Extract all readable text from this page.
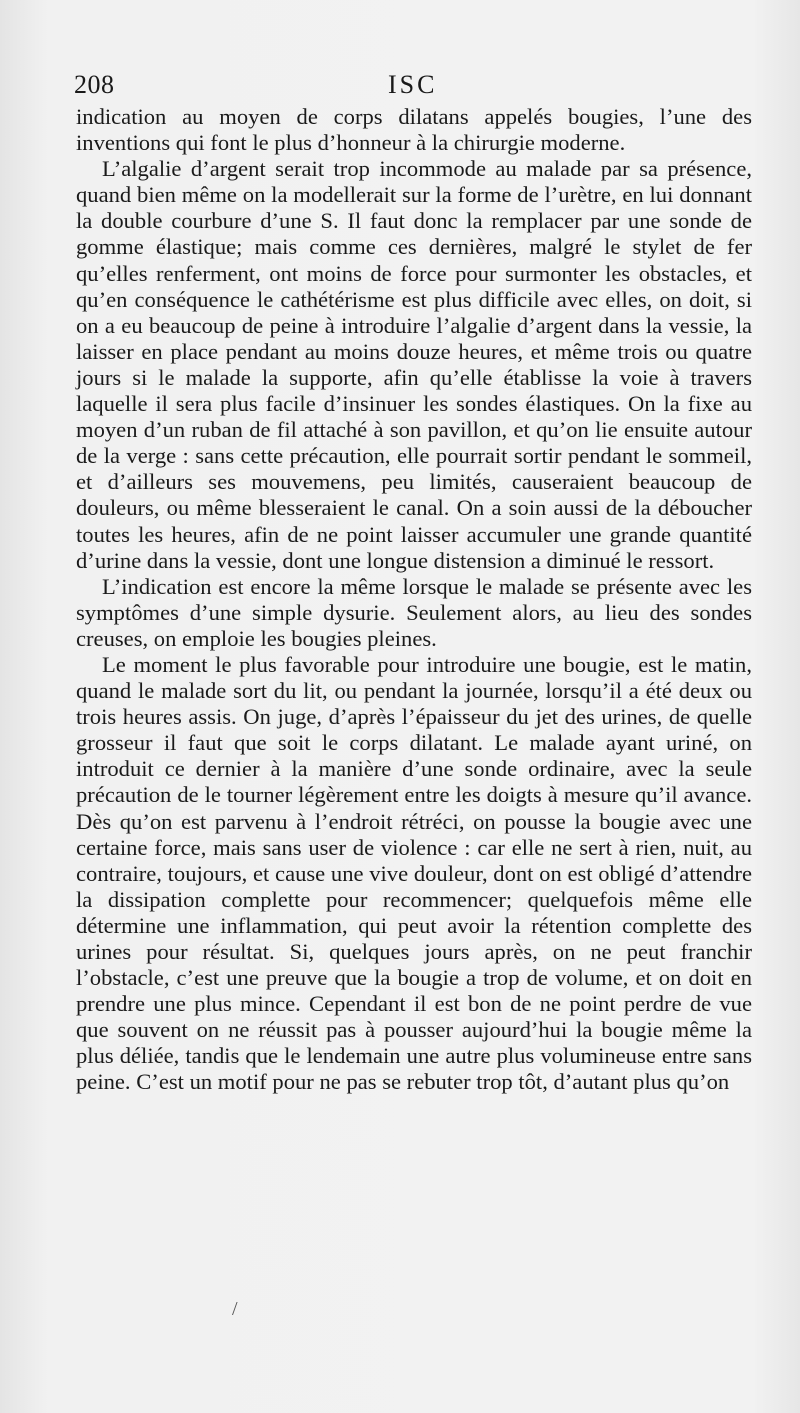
208	ISC

indication au moyen de corps dilatans appelés bougies, l’une des inventions qui font le plus d’honneur à la chirurgie moderne.

L’algalie d’argent serait trop incommode au malade par sa présence, quand bien même on la modellerait sur la forme de l’urètre, en lui donnant la double courbure d’une S. Il faut donc la remplacer par une sonde de gomme élastique; mais comme ces dernières, malgré le stylet de fer qu’elles renferment, ont moins de force pour surmonter les obstacles, et qu’en conséquence le cathétérisme est plus difficile avec elles, on doit, si on a eu beaucoup de peine à introduire l’algalie d’argent dans la vessie, la laisser en place pendant au moins douze heures, et même trois ou quatre jours si le malade la supporte, afin qu’elle établisse la voie à travers laquelle il sera plus facile d’insinuer les sondes élastiques. On la fixe au moyen d’un ruban de fil attaché à son pavillon, et qu’on lie ensuite autour de la verge : sans cette précaution, elle pourrait sortir pendant le sommeil, et d’ailleurs ses mouvemens, peu limités, causeraient beaucoup de douleurs, ou même blesseraient le canal. On a soin aussi de la déboucher toutes les heures, afin de ne point laisser accumuler une grande quantité d’urine dans la vessie, dont une longue distension a diminué le ressort.

L’indication est encore la même lorsque le malade se présente avec les symptômes d’une simple dysurie. Seulement alors, au lieu des sondes creuses, on emploie les bougies pleines.

Le moment le plus favorable pour introduire une bougie, est le matin, quand le malade sort du lit, ou pendant la journée, lorsqu’il a été deux ou trois heures assis. On juge, d’après l’épaisseur du jet des urines, de quelle grosseur il faut que soit le corps dilatant. Le malade ayant uriné, on introduit ce dernier à la manière d’une sonde ordinaire, avec la seule précaution de le tourner légèrement entre les doigts à mesure qu’il avance. Dès qu’on est parvenu à l’endroit rétréci, on pousse la bougie avec une certaine force, mais sans user de violence : car elle ne sert à rien, nuit, au contraire, toujours, et cause une vive douleur, dont on est obligé d’attendre la dissipation complette pour recommencer; quelquefois même elle détermine une inflammation, qui peut avoir la rétention complette des urines pour résultat. Si, quelques jours après, on ne peut franchir l’obstacle, c’est une preuve que la bougie a trop de volume, et on doit en prendre une plus mince. Cependant il est bon de ne point perdre de vue que souvent on ne réussit pas à pousser aujourd’hui la bougie même la plus déliée, tandis que le lendemain une autre plus volumineuse entre sans peine. C’est un motif pour ne pas se rebuter trop tôt, d’autant plus qu’on

/
